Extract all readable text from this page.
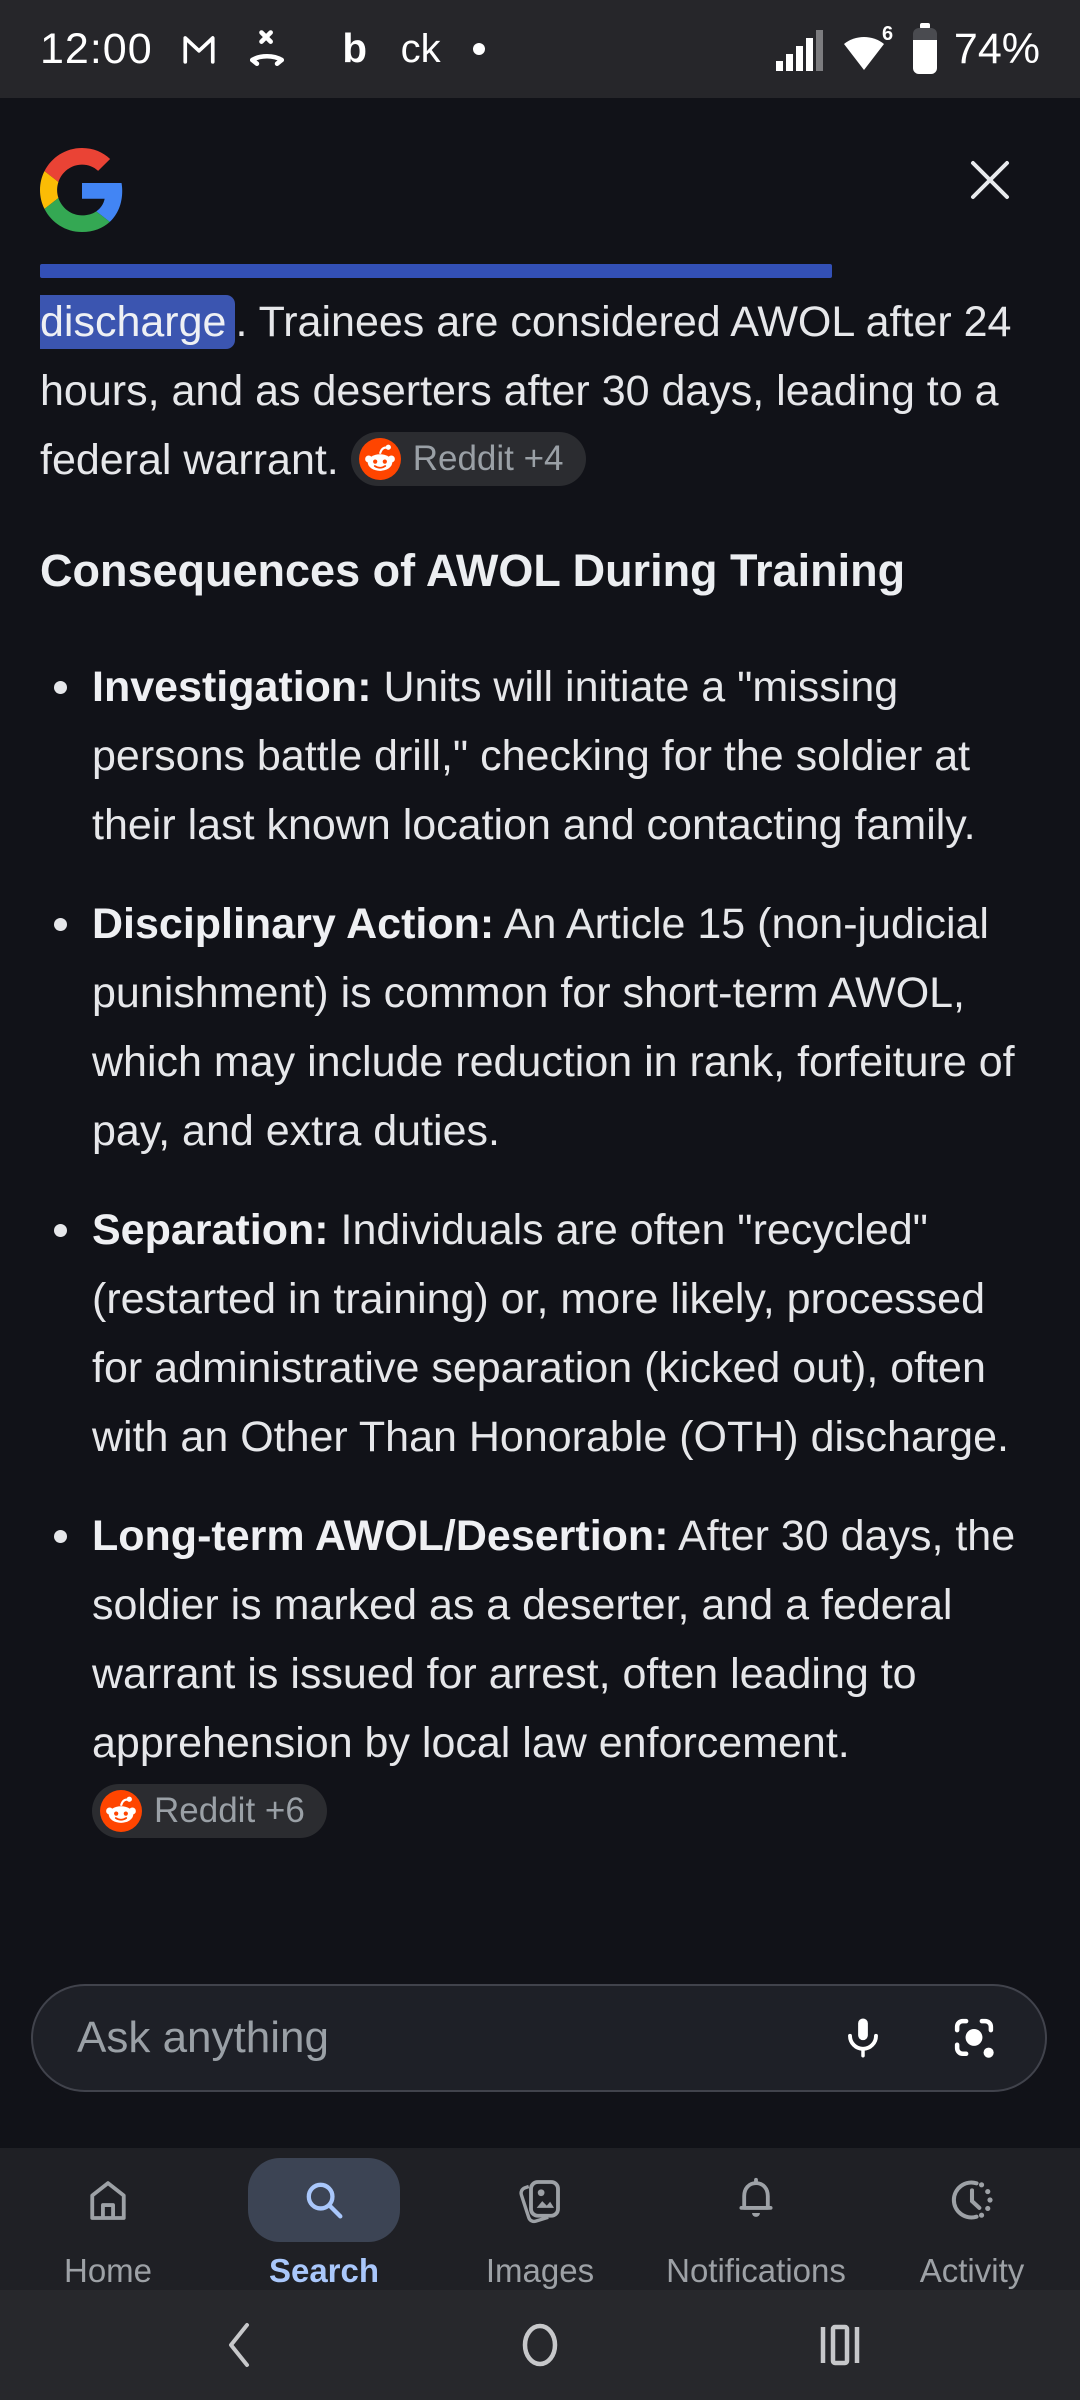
12:00	b ck	6 74%

discharge . Trainees are considered AWOL after 24 hours, and as deserters after 30 days, leading to a federal warrant. Reddit +4

Consequences of AWOL During Training
Investigation: Units will initiate a "missing persons battle drill," checking for the soldier at their last known location and contacting family.
Disciplinary Action: An Article 15 (non-judicial punishment) is common for short-term AWOL, which may include reduction in rank, forfeiture of pay, and extra duties.
Separation: Individuals are often "recycled" (restarted in training) or, more likely, processed for administrative separation (kicked out), often with an Other Than Honorable (OTH) discharge.
Long-term AWOL/Desertion: After 30 days, the soldier is marked as a deserter, and a federal warrant is issued for arrest, often leading to apprehension by local law enforcement.
Reddit +6
Ask anything
Home	Search	Images Notifications Activity
